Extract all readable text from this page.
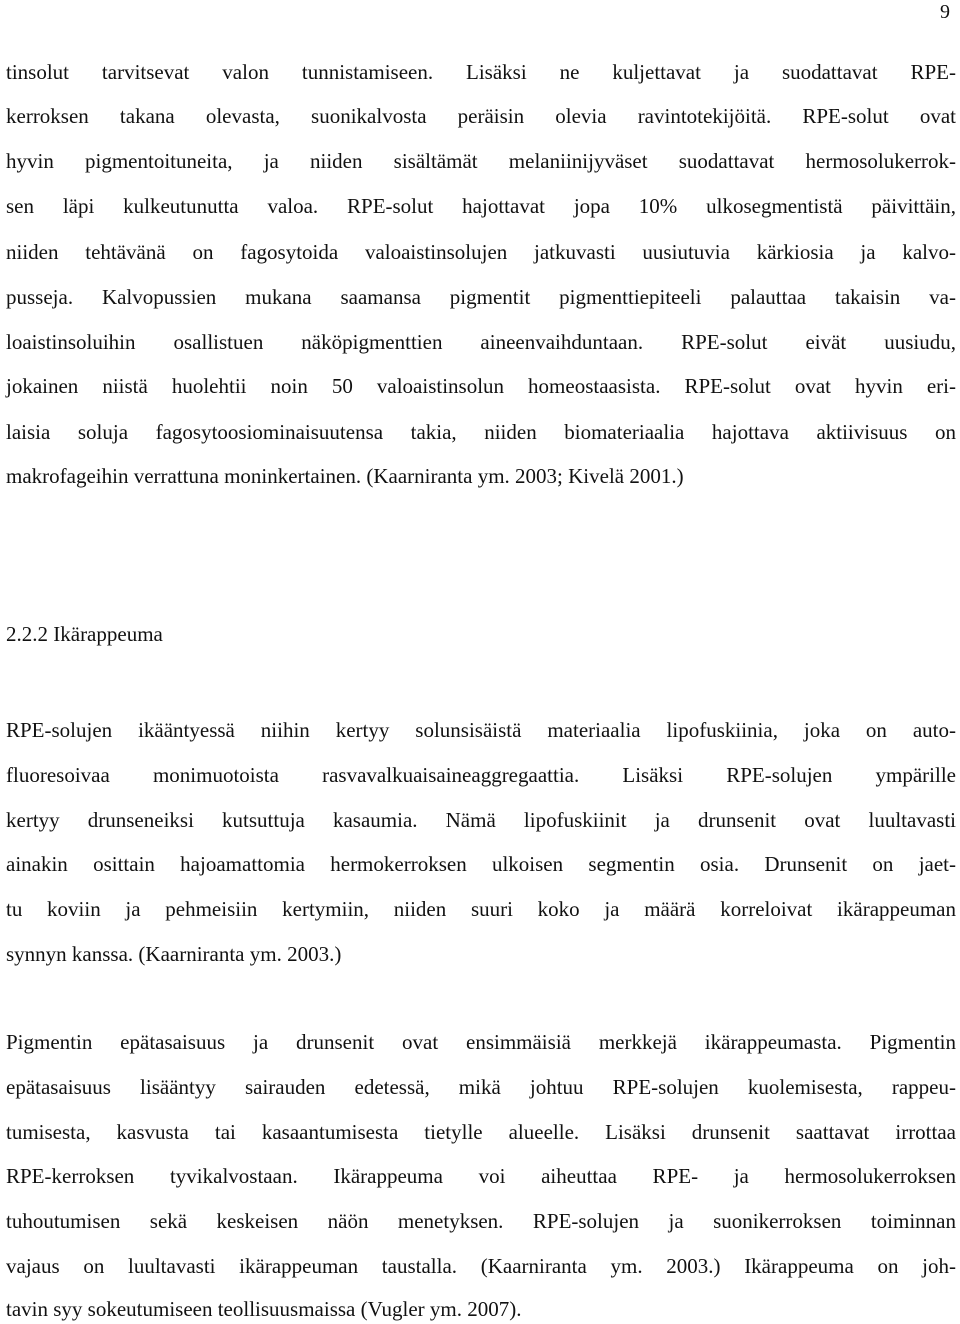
9
tinsolut tarvitsevat valon tunnistamiseen. Lisäksi ne kuljettavat ja suodattavat RPE-
kerroksen takana olevasta, suonikalvosta peräisin olevia ravintotekijöitä. RPE-solut ovat
hyvin pigmentoituneita, ja niiden sisältämät melaniinijyväset suodattavat hermosolukerrok-
sen läpi kulkeutunutta valoa. RPE-solut hajottavat jopa 10% ulkosegmentistä päivittäin,
niiden tehtävänä on fagosytoida valoaistinsolujen jatkuvasti uusiutuvia kärkiosia ja kalvo-
pusseja. Kalvopussien mukana saamansa pigmentit pigmenttiepiteeli palauttaa takaisin va-
loaistinsoluihin osallistuen näköpigmenttien aineenvaihduntaan. RPE-solut eivät uusiudu,
jokainen niistä huolehtii noin 50 valoaistinsolun homeostaasista. RPE-solut ovat hyvin eri-
laisia soluja fagosytoosiominaisuutensa takia, niiden biomateriaalia hajottava aktiivisuus on
makrofageihin verrattuna moninkertainen. (Kaarniranta ym. 2003; Kivelä 2001.)
2.2.2 Ikärappeuma
RPE-solujen ikääntyessä niihin kertyy solunsisäistä materiaalia lipofuskiinia, joka on auto-
fluoresoivaa monimuotoista rasvavalkuaisaineaggregaattia. Lisäksi RPE-solujen ympärille
kertyy drunseneiksi kutsuttuja kasaumia. Nämä lipofuskiinit ja drunsenit ovat luultavasti
ainakin osittain hajoamattomia hermokerroksen ulkoisen segmentin osia. Drunsenit on jaet-
tu koviin ja pehmeisiin kertymiin, niiden suuri koko ja määrä korreloivat ikärappeuman
synnyn kanssa. (Kaarniranta ym. 2003.)
Pigmentin epätasaisuus ja drunsenit ovat ensimmäisiä merkkejä ikärappeumasta. Pigmentin
epätasaisuus lisääntyy sairauden edetessä, mikä johtuu RPE-solujen kuolemisesta, rappeu-
tumisesta, kasvusta tai kasaantumisesta tietylle alueelle. Lisäksi drunsenit saattavat irrottaa
RPE-kerroksen tyvikalvostaan. Ikärappeuma voi aiheuttaa RPE- ja hermosolukerroksen
tuhoutumisen sekä keskeisen näön menetyksen. RPE-solujen ja suonikerroksen toiminnan
vajaus on luultavasti ikärappeuman taustalla. (Kaarniranta ym. 2003.) Ikärappeuma on joh-
tavin syy sokeutumiseen teollisuusmaissa (Vugler ym. 2007).
